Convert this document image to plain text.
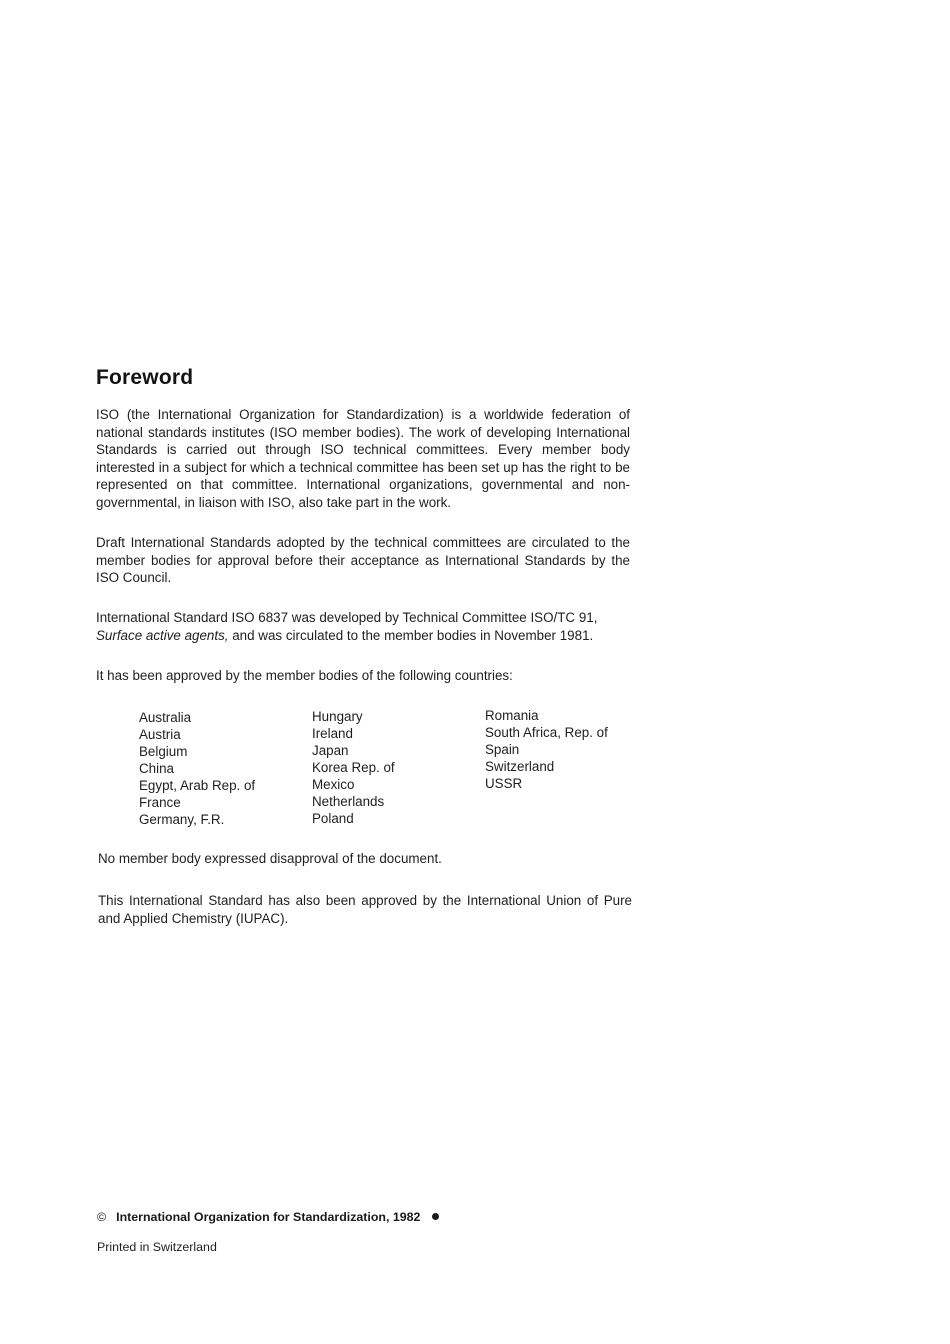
Foreword

ISO (the International Organization for Standardization) is a worldwide federation of national standards institutes (ISO member bodies). The work of developing International Standards is carried out through ISO technical committees. Every member body interested in a subject for which a technical committee has been set up has the right to be represented on that committee. International organizations, governmental and non-governmental, in liaison with ISO, also take part in the work.

Draft International Standards adopted by the technical committees are circulated to the member bodies for approval before their acceptance as International Standards by the ISO Council.

International Standard ISO 6837 was developed by Technical Committee ISO/TC 91,
Surface active agents, and was circulated to the member bodies in November 1981.

It has been approved by the member bodies of the following countries:

Australia
Austria
Belgium
China
Egypt, Arab Rep. of
France
Germany, F.R.
Hungary
Ireland
Japan
Korea Rep. of
Mexico
Netherlands
Poland
Romania
South Africa, Rep. of
Spain
Switzerland
USSR

No member body expressed disapproval of the document.

This International Standard has also been approved by the International Union of Pure and Applied Chemistry (IUPAC).

© International Organization for Standardization, 1982
Printed in Switzerland
